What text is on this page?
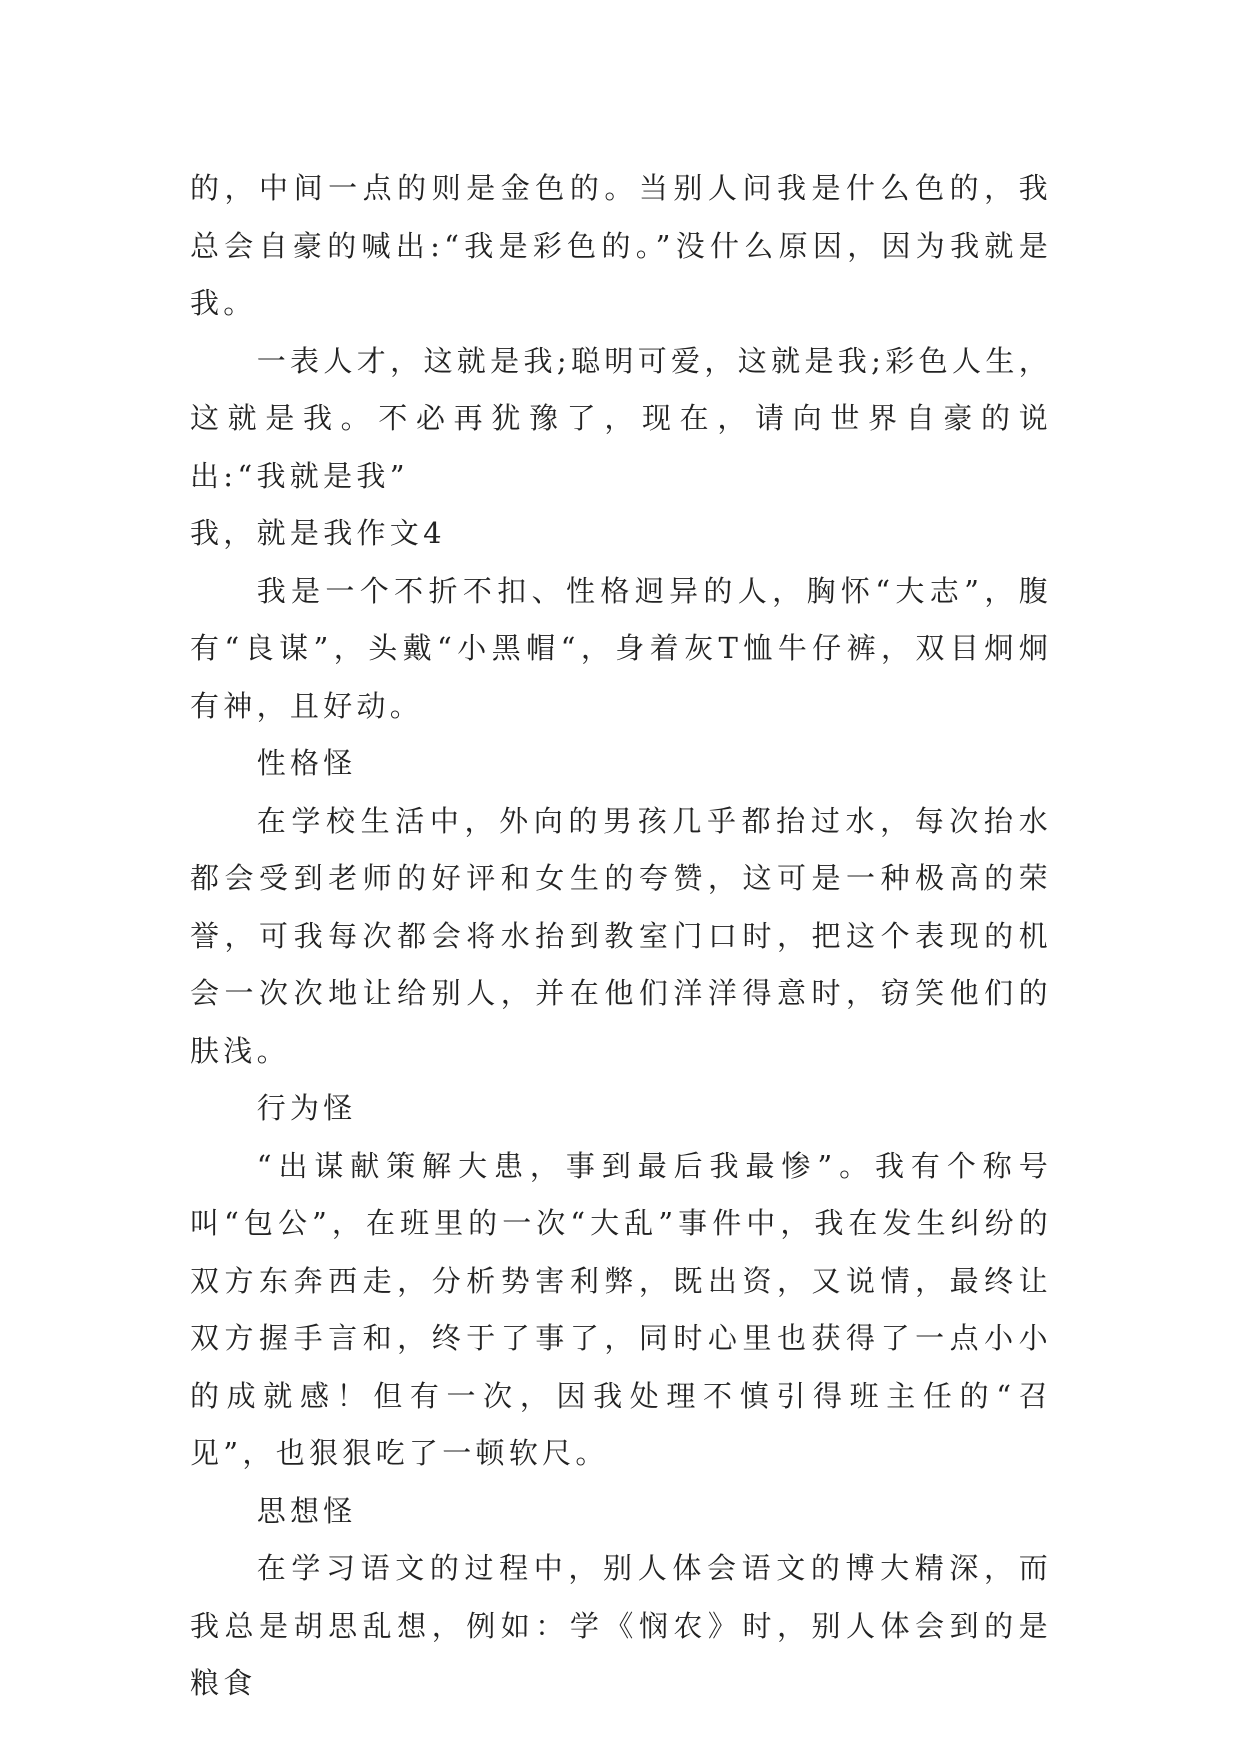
的，中间一点的则是金色的。当别人问我是什么色的，我总会自豪的喊出:“我是彩色的。”没什么原因，因为我就是我。

一表人才，这就是我;聪明可爱，这就是我;彩色人生，这就是我。不必再犹豫了，现在，请向世界自豪的说出:“我就是我”

我，就是我作文4

我是一个不折不扣、性格迥异的人，胸怀“大志”，腹有“良谋”，头戴“小黑帽“，身着灰T恤牛仔裤，双目炯炯有神，且好动。

性格怪

在学校生活中，外向的男孩几乎都抬过水，每次抬水都会受到老师的好评和女生的夸赞，这可是一种极高的荣誉，可我每次都会将水抬到教室门口时，把这个表现的机会一次次地让给别人，并在他们洋洋得意时，窃笑他们的肤浅。

行为怪

“出谋献策解大患，事到最后我最惨”。我有个称号叫“包公”，在班里的一次“大乱”事件中，我在发生纠纷的双方东奔西走，分析势害利弊，既出资，又说情，最终让双方握手言和，终于了事了，同时心里也获得了一点小小的成就感！但有一次，因我处理不慎引得班主任的“召见”，也狠狠吃了一顿软尺。

思想怪

在学习语文的过程中，别人体会语文的博大精深，而我总是胡思乱想，例如：学《悯农》时，别人体会到的是粮食
